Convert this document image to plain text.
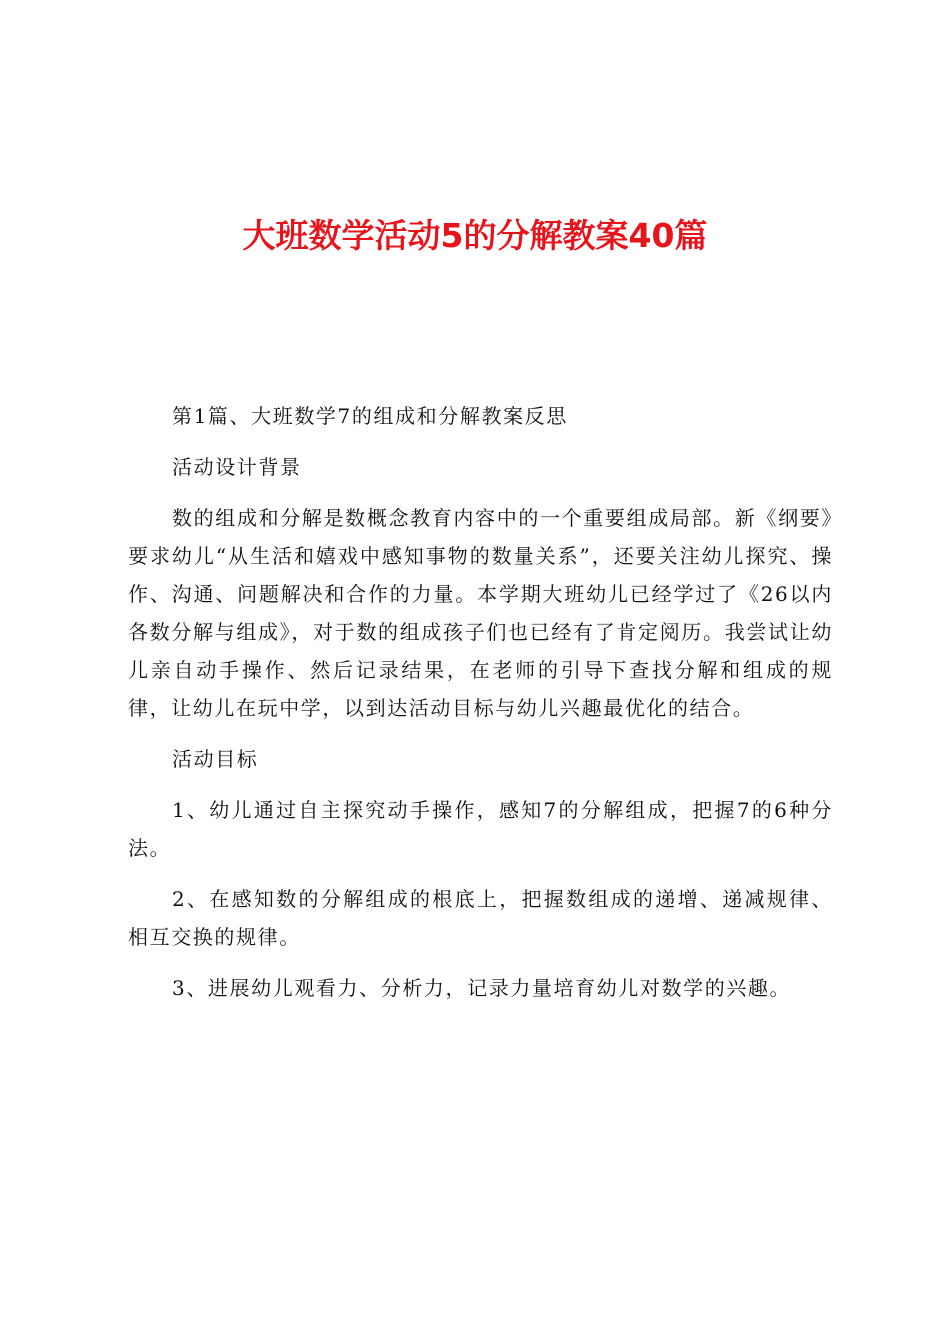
大班数学活动5的分解教案40篇

第1篇、大班数学7的组成和分解教案反思

活动设计背景

数的组成和分解是数概念教育内容中的一个重要组成局部。新《纲要》要求幼儿“从生活和嬉戏中感知事物的数量关系”，还要关注幼儿探究、操作、沟通、问题解决和合作的力量。本学期大班幼儿已经学过了《26以内各数分解与组成》，对于数的组成孩子们也已经有了肯定阅历。我尝试让幼儿亲自动手操作、然后记录结果，在老师的引导下查找分解和组成的规律，让幼儿在玩中学，以到达活动目标与幼儿兴趣最优化的结合。

活动目标

1、幼儿通过自主探究动手操作，感知7的分解组成，把握7的6种分法。

2、在感知数的分解组成的根底上，把握数组成的递增、递减规律、相互交换的规律。

3、进展幼儿观看力、分析力，记录力量培育幼儿对数学的兴趣。
